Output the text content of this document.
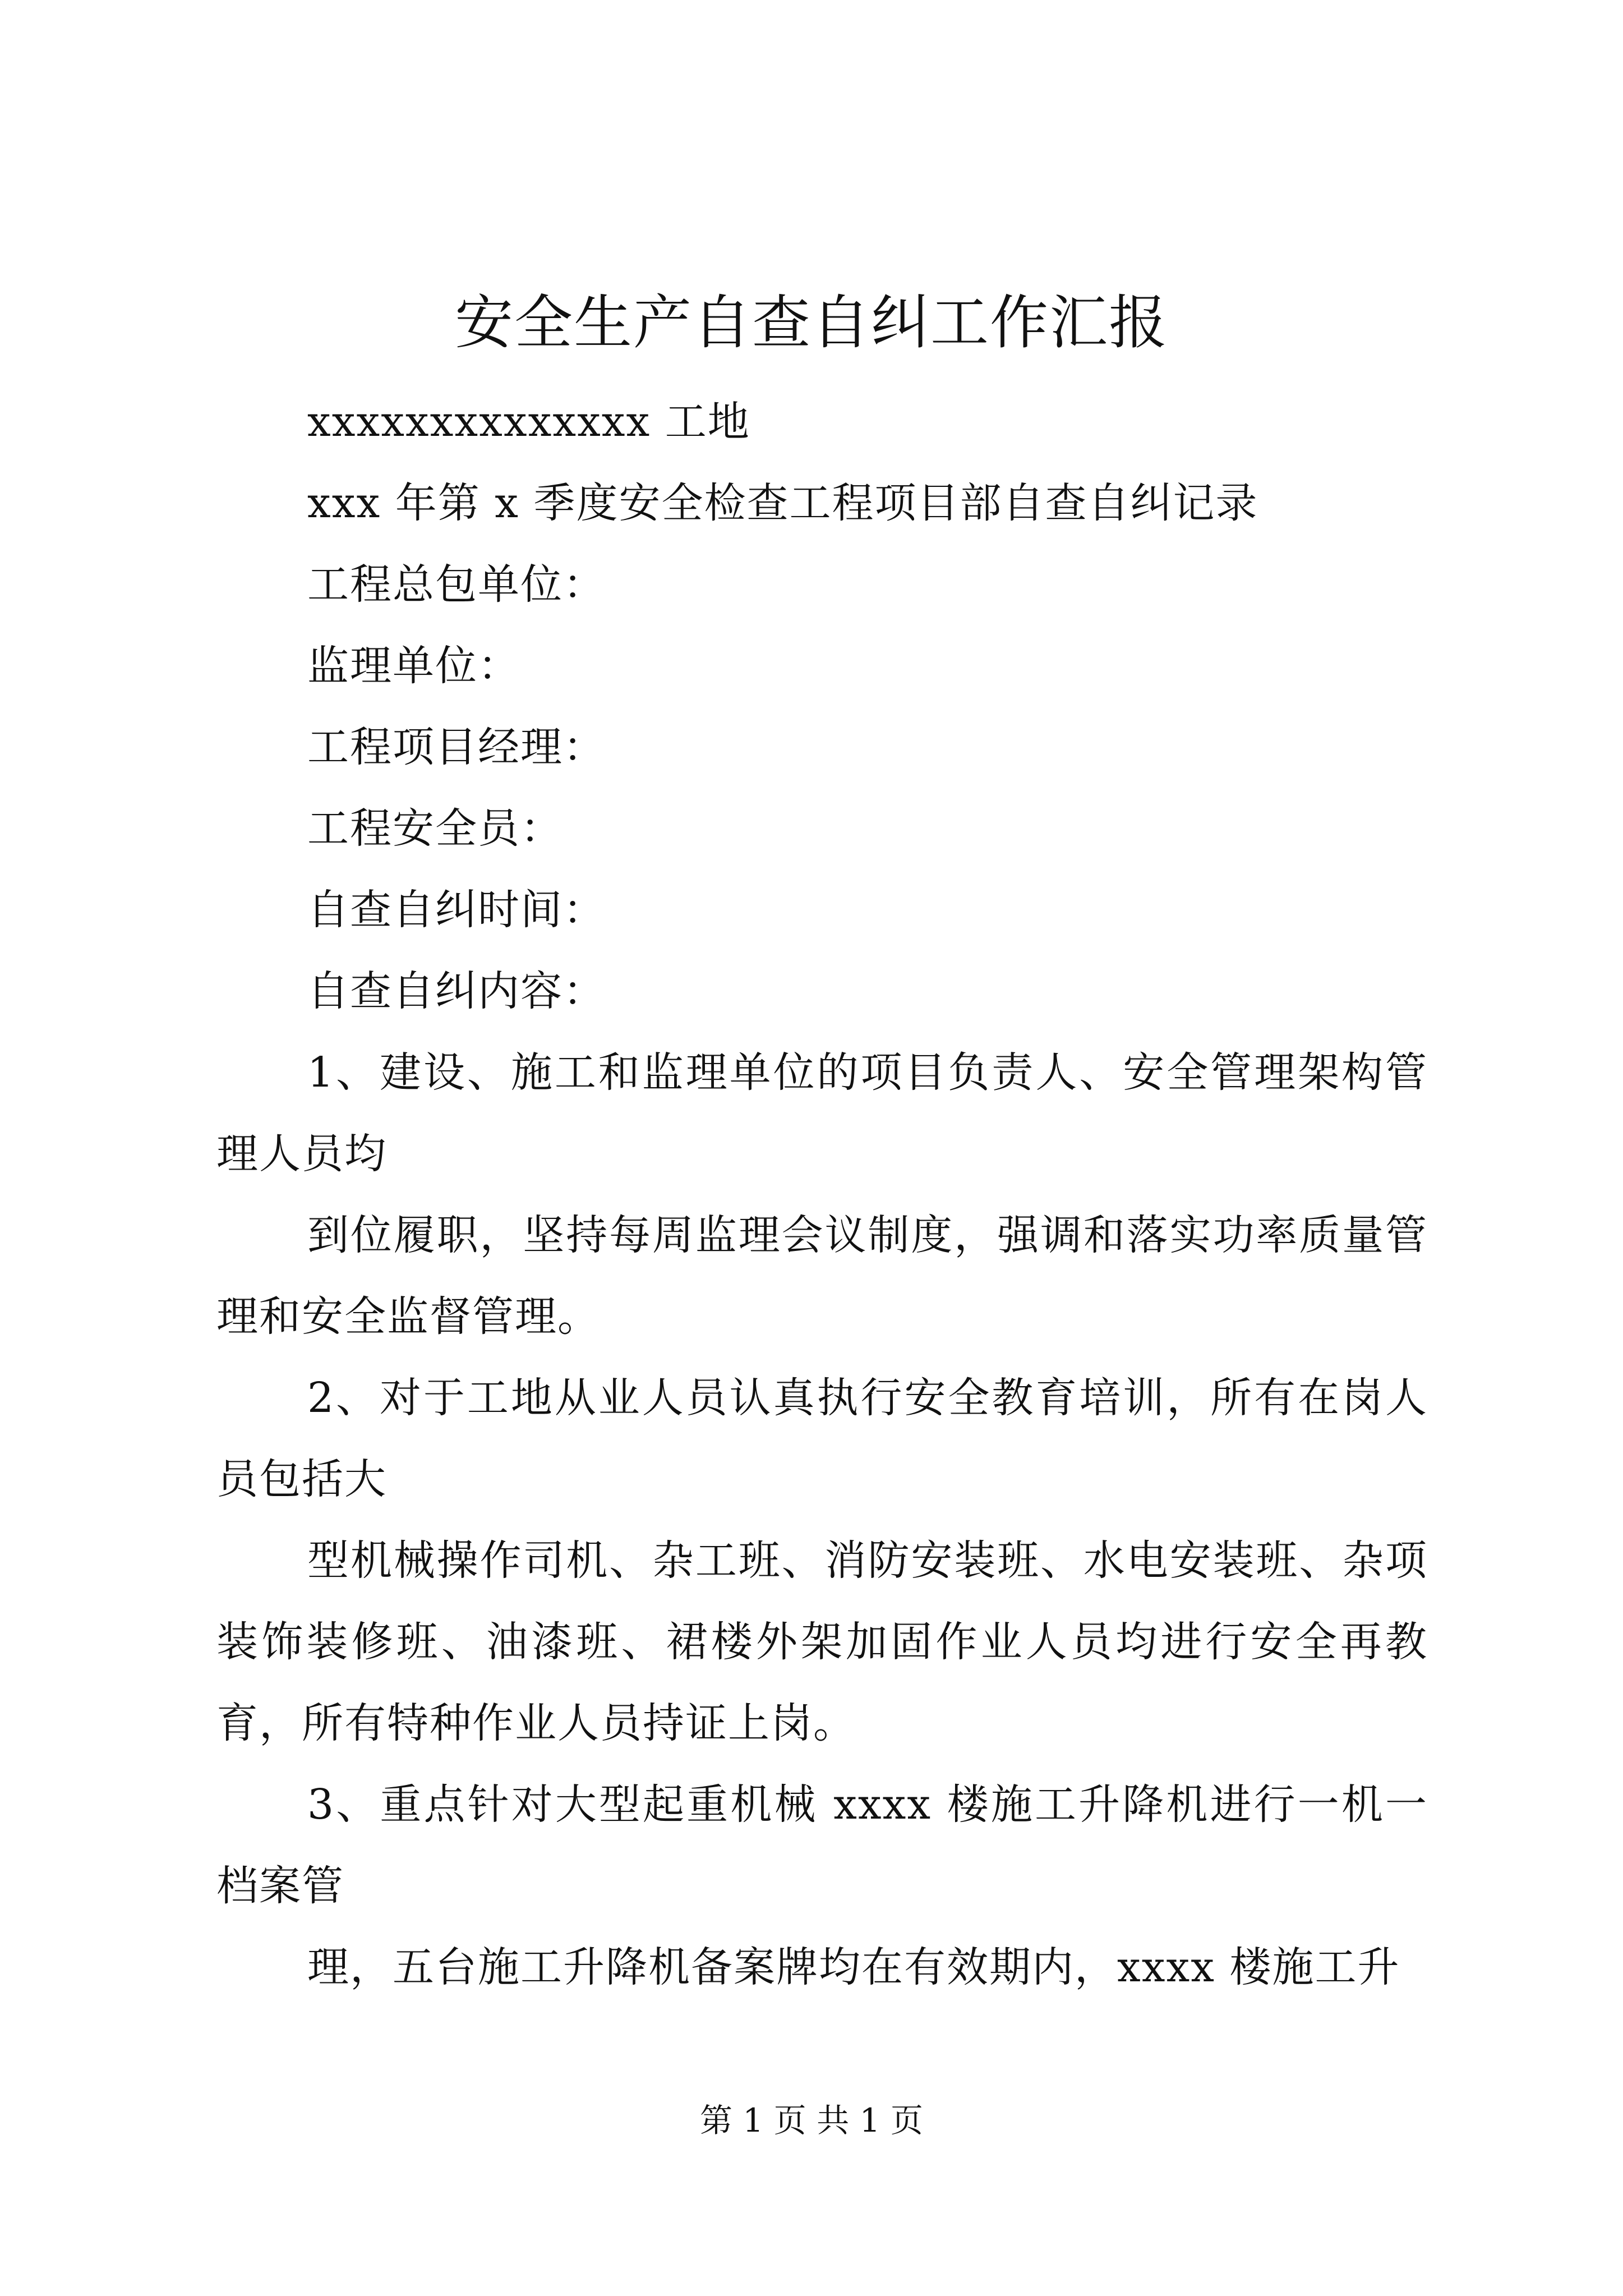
安全生产自查自纠工作汇报
xxxxxxxxxxxxxx 工地
xxx 年第 x 季度安全检查工程项目部自查自纠记录
工程总包单位：
监理单位：
工程项目经理：
工程安全员：
自查自纠时间：
自查自纠内容：
1、建设、施工和监理单位的项目负责人、安全管理架构管理人员均
到位履职，坚持每周监理会议制度，强调和落实功率质量管理和安全监督管理。
2、对于工地从业人员认真执行安全教育培训，所有在岗人员包括大
型机械操作司机、杂工班、消防安装班、水电安装班、杂项装饰装修班、油漆班、裙楼外架加固作业人员均进行安全再教育，所有特种作业人员持证上岗。
3、重点针对大型起重机械 xxxx 楼施工升降机进行一机一档案管
理，五台施工升降机备案牌均在有效期内，xxxx 楼施工升
第 1 页 共 1 页
